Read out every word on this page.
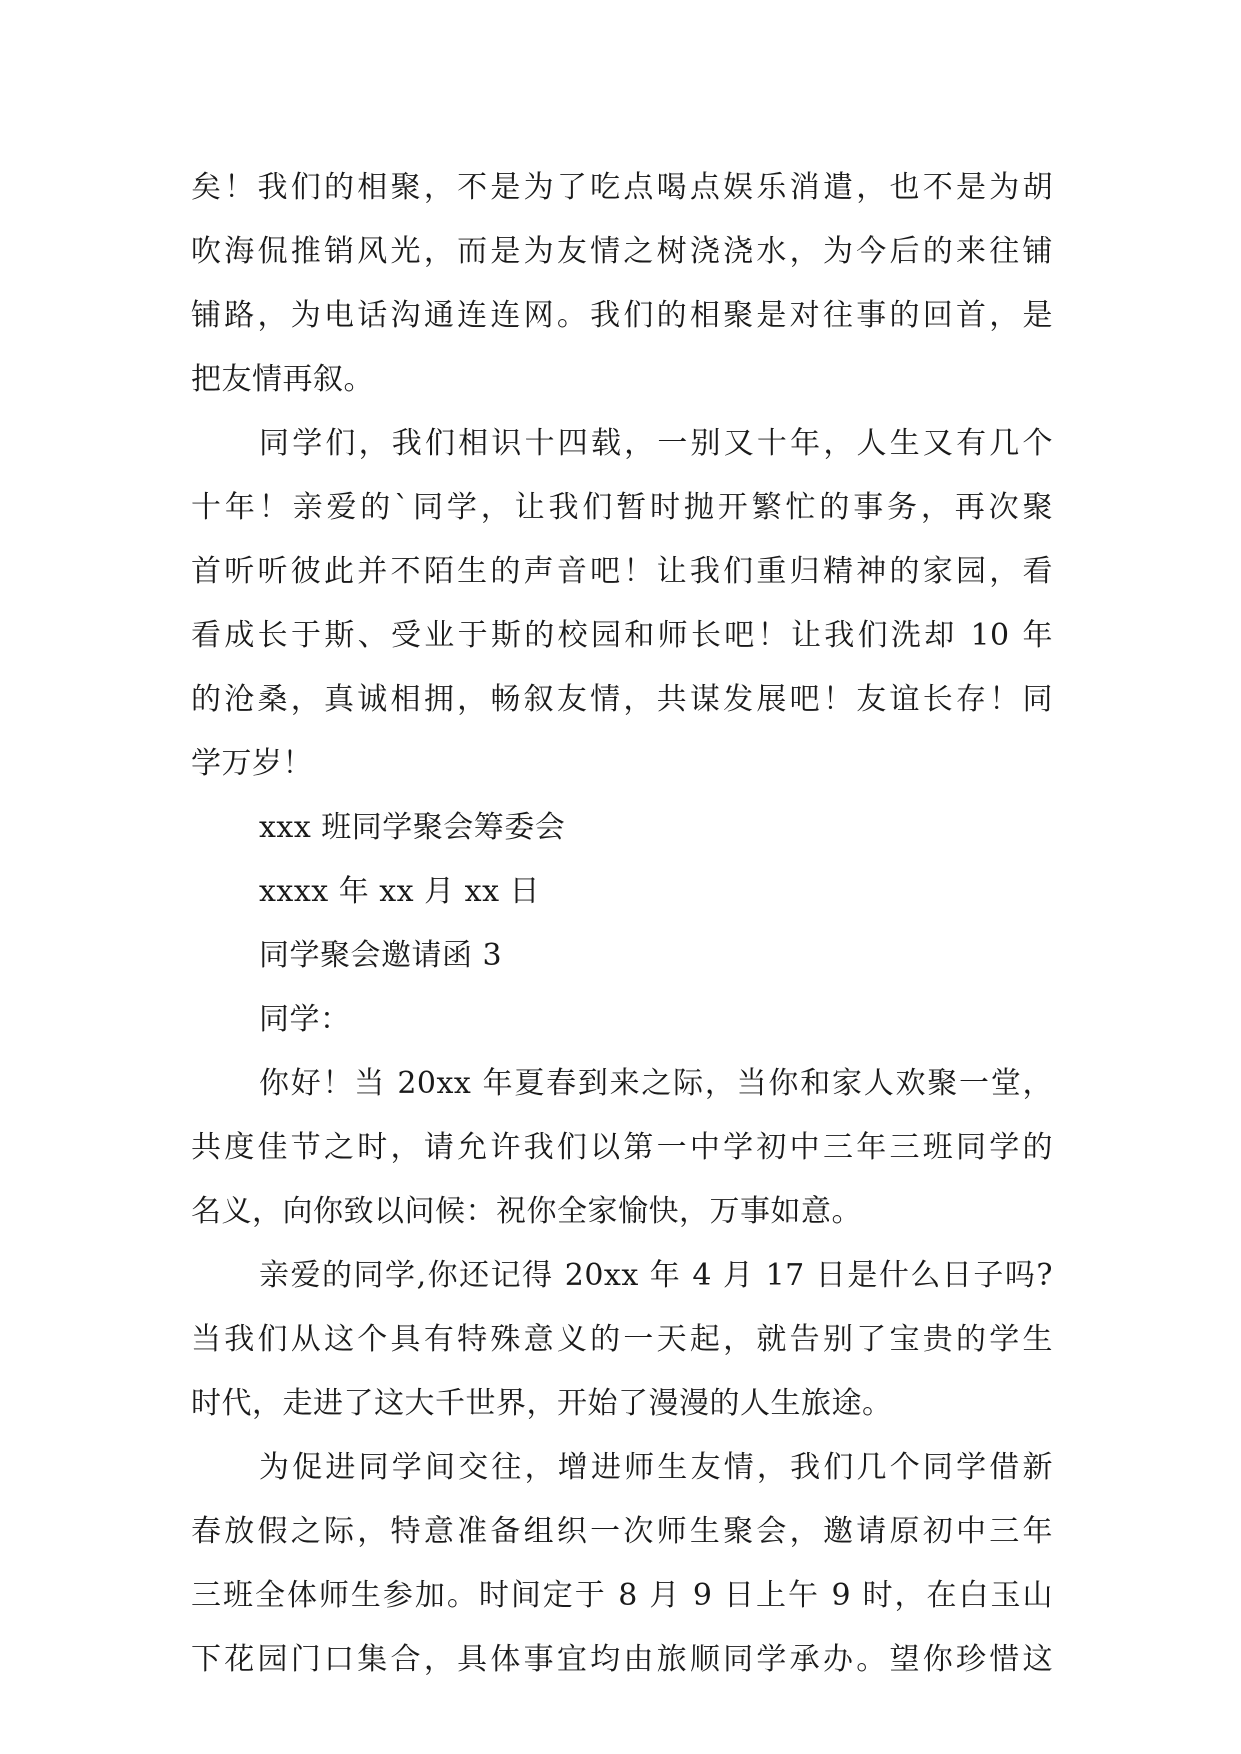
矣！我们的相聚，不是为了吃点喝点娱乐消遣，也不是为胡
吹海侃推销风光，而是为友情之树浇浇水，为今后的来往铺
铺路，为电话沟通连连网。我们的相聚是对往事的回首，是
把友情再叙。
同学们，我们相识十四载，一别又十年，人生又有几个
十年！亲爱的`同学，让我们暂时抛开繁忙的事务，再次聚
首听听彼此并不陌生的声音吧！让我们重归精神的家园，看
看成长于斯、受业于斯的校园和师长吧！让我们洗却 10 年
的沧桑，真诚相拥，畅叙友情，共谋发展吧！友谊长存！同
学万岁！
xxx 班同学聚会筹委会
xxxx 年 xx 月 xx 日
同学聚会邀请函 3
同学：
你好！当 20xx 年夏春到来之际，当你和家人欢聚一堂，
共度佳节之时，请允许我们以第一中学初中三年三班同学的
名义，向你致以问候：祝你全家愉快，万事如意。
亲爱的同学,你还记得 20xx 年 4 月 17 日是什么日子吗?
当我们从这个具有特殊意义的一天起，就告别了宝贵的学生
时代，走进了这大千世界，开始了漫漫的人生旅途。
为促进同学间交往，增进师生友情，我们几个同学借新
春放假之际，特意准备组织一次师生聚会，邀请原初中三年
三班全体师生参加。时间定于 8 月 9 日上午 9 时，在白玉山
下花园门口集合，具体事宜均由旅顺同学承办。望你珍惜这
